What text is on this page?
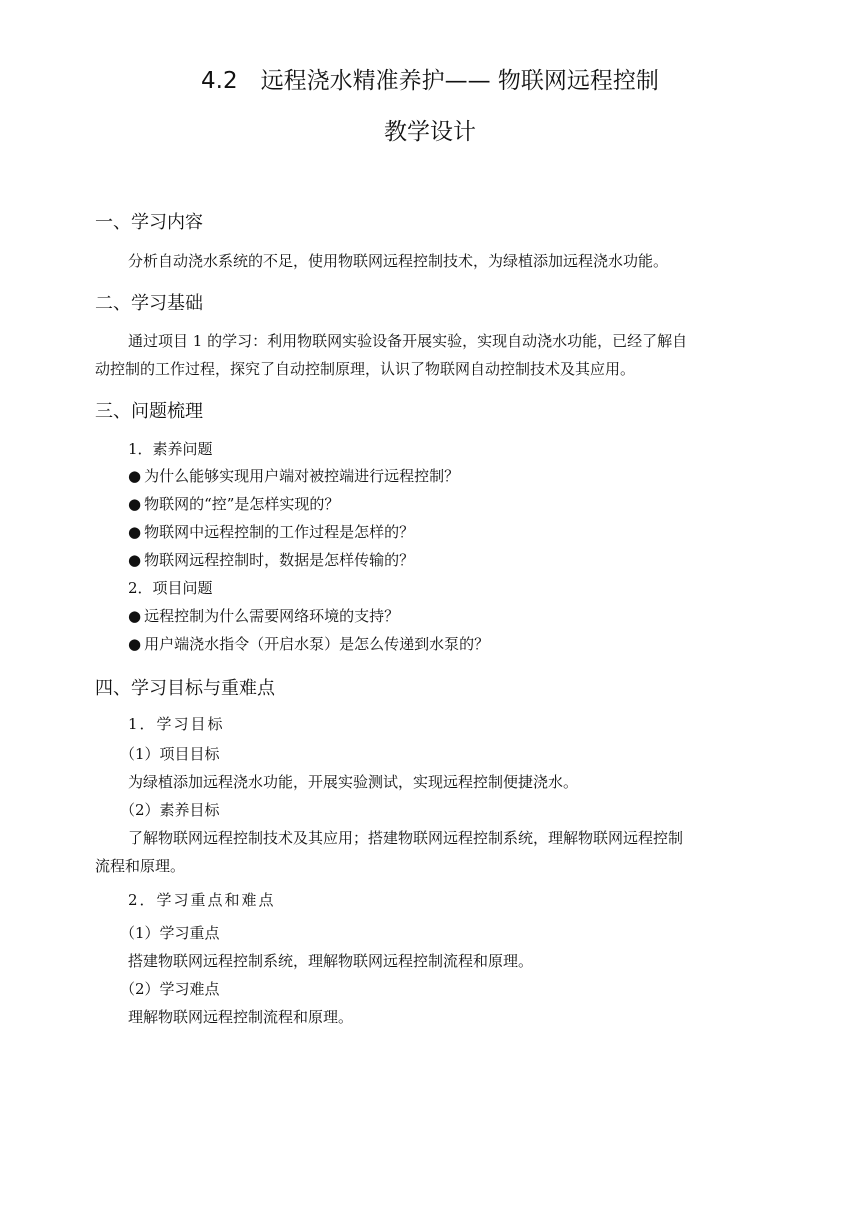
4.2　远程浇水精准养护—— 物联网远程控制
教学设计
一、学习内容
分析自动浇水系统的不足，使用物联网远程控制技术，为绿植添加远程浇水功能。
二、学习基础
通过项目 1 的学习：利用物联网实验设备开展实验，实现自动浇水功能，已经了解自
动控制的工作过程，探究了自动控制原理，认识了物联网自动控制技术及其应用。
三、问题梳理
1．素养问题
● 为什么能够实现用户端对被控端进行远程控制？
● 物联网的“控”是怎样实现的？
● 物联网中远程控制的工作过程是怎样的？
● 物联网远程控制时，数据是怎样传输的？
2．项目问题
● 远程控制为什么需要网络环境的支持？
● 用户端浇水指令（开启水泵）是怎么传递到水泵的？
四、学习目标与重难点
1．学习目标
（1）项目目标
为绿植添加远程浇水功能，开展实验测试，实现远程控制便捷浇水。
（2）素养目标
了解物联网远程控制技术及其应用；搭建物联网远程控制系统，理解物联网远程控制
流程和原理。
2．学习重点和难点
（1）学习重点
搭建物联网远程控制系统，理解物联网远程控制流程和原理。
（2）学习难点
理解物联网远程控制流程和原理。
